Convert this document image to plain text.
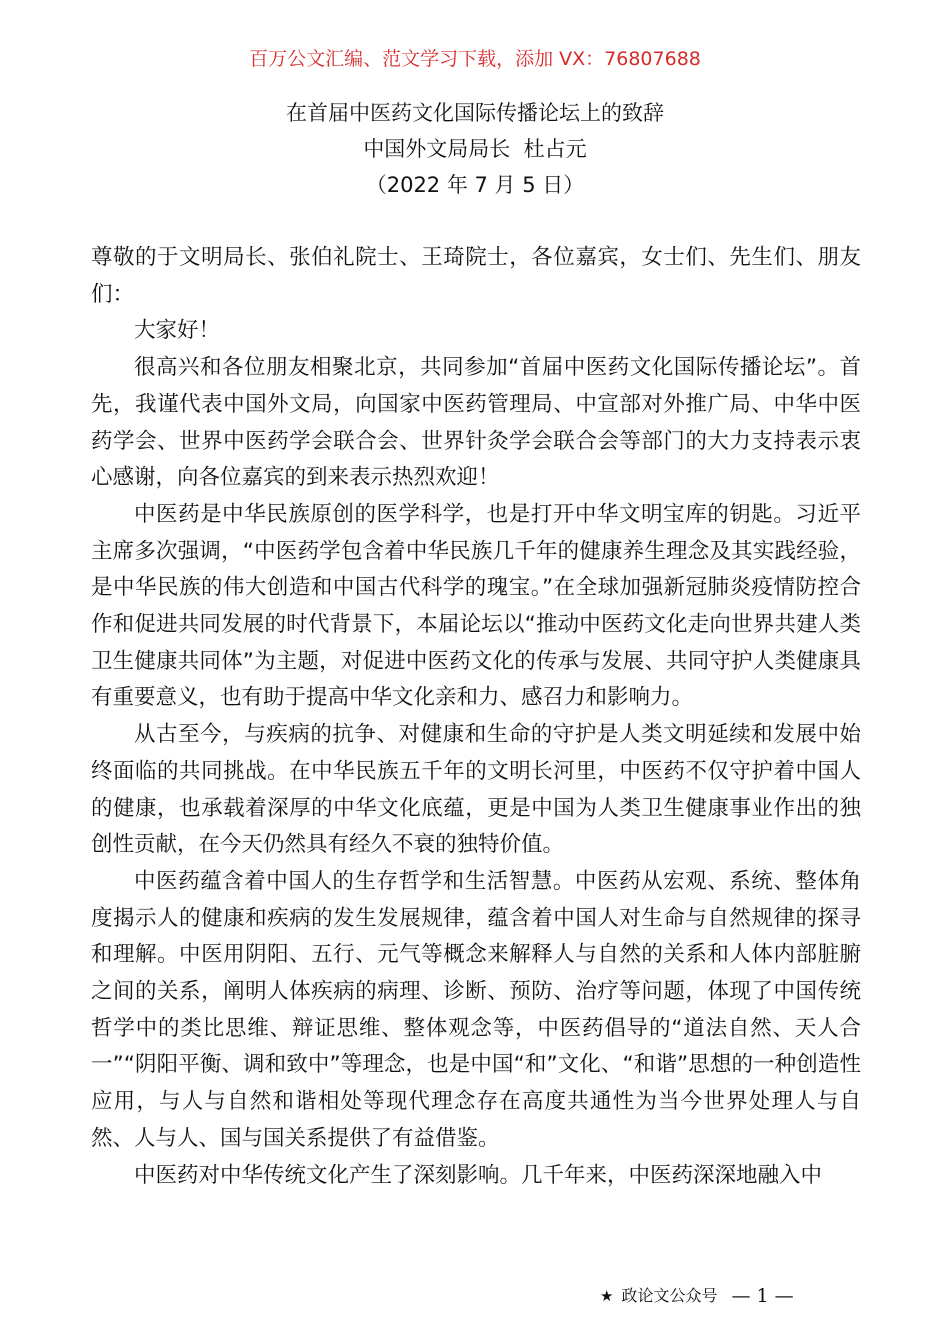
百万公文汇编、范文学习下载，添加 VX：76807688
在首届中医药文化国际传播论坛上的致辞
中国外文局局长  杜占元
（2022 年 7 月 5 日）

尊敬的于文明局长、张伯礼院士、王琦院士，各位嘉宾，女士们、先生们、朋友们：

大家好！

很高兴和各位朋友相聚北京，共同参加“首届中医药文化国际传播论坛”。首先，我谨代表中国外文局，向国家中医药管理局、中宣部对外推广局、中华中医药学会、世界中医药学会联合会、世界针灸学会联合会等部门的大力支持表示衷心感谢，向各位嘉宾的到来表示热烈欢迎！

中医药是中华民族原创的医学科学，也是打开中华文明宝库的钥匙。习近平主席多次强调，“中医药学包含着中华民族几千年的健康养生理念及其实践经验，是中华民族的伟大创造和中国古代科学的瑰宝。”在全球加强新冠肺炎疫情防控合作和促进共同发展的时代背景下，本届论坛以“推动中医药文化走向世界共建人类卫生健康共同体”为主题，对促进中医药文化的传承与发展、共同守护人类健康具有重要意义，也有助于提高中华文化亲和力、感召力和影响力。

从古至今，与疾病的抗争、对健康和生命的守护是人类文明延续和发展中始终面临的共同挑战。在中华民族五千年的文明长河里，中医药不仅守护着中国人的健康，也承载着深厚的中华文化底蕴，更是中国为人类卫生健康事业作出的独创性贡献，在今天仍然具有经久不衰的独特价值。

中医药蕴含着中国人的生存哲学和生活智慧。中医药从宏观、系统、整体角度揭示人的健康和疾病的发生发展规律，蕴含着中国人对生命与自然规律的探寻和理解。中医用阴阳、五行、元气等概念来解释人与自然的关系和人体内部脏腑之间的关系，阐明人体疾病的病理、诊断、预防、治疗等问题，体现了中国传统哲学中的类比思维、辩证思维、整体观念等，中医药倡导的“道法自然、天人合一”“阴阳平衡、调和致中”等理念，也是中国“和”文化、“和谐”思想的一种创造性应用，与人与自然和谐相处等现代理念存在高度共通性为当今世界处理人与自然、人与人、国与国关系提供了有益借鉴。

中医药对中华传统文化产生了深刻影响。几千年来，中医药深深地融入中

★ 政论文公众号 — 1 —
